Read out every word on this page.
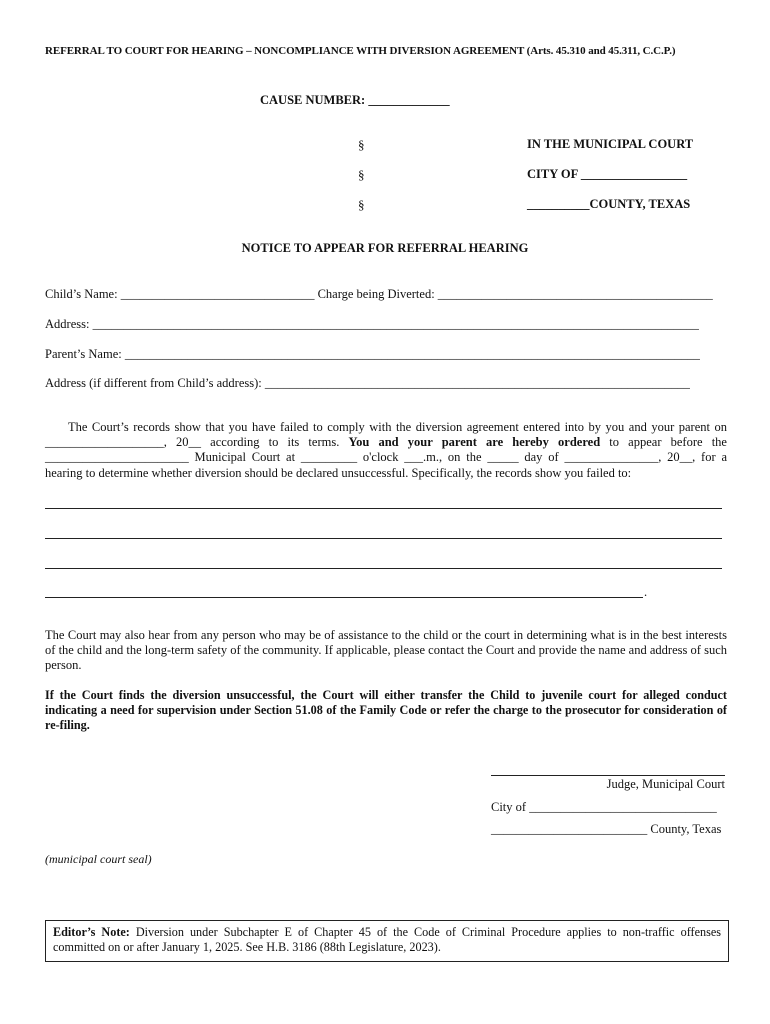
REFERRAL TO COURT FOR HEARING – NONCOMPLIANCE WITH DIVERSION AGREEMENT (Arts. 45.310 and 45.311, C.C.P.)
CAUSE NUMBER: _____________
§
§
§
IN THE MUNICIPAL COURT
CITY OF _________________
__________COUNTY, TEXAS
NOTICE TO APPEAR FOR REFERRAL HEARING
Child’s Name: _______________________________ Charge being Diverted: ____________________________________________
Address: _________________________________________________________________________________________________
Parent’s Name: ____________________________________________________________________________________________
Address (if different from Child’s address): ____________________________________________________________________
The Court’s records show that you have failed to comply with the diversion agreement entered into by you and your parent on ___________________, 20__ according to its terms. You and your parent are hereby ordered to appear before the _______________________ Municipal Court at _________ o'clock ___.m., on the _____ day of _______________, 20__, for a hearing to determine whether diversion should be declared unsuccessful. Specifically, the records show you failed to:
.
The Court may also hear from any person who may be of assistance to the child or the court in determining what is in the best interests of the child and the long-term safety of the community. If applicable, please contact the Court and provide the name and address of such person.
If the Court finds the diversion unsuccessful, the Court will either transfer the Child to juvenile court for alleged conduct indicating a need for supervision under Section 51.08 of the Family Code or refer the charge to the prosecutor for consideration of re-filing.
Judge, Municipal Court
City of ______________________________
_________________________ County, Texas
(municipal court seal)
Editor’s Note: Diversion under Subchapter E of Chapter 45 of the Code of Criminal Procedure applies to non-traffic offenses committed on or after January 1, 2025. See H.B. 3186 (88th Legislature, 2023).
